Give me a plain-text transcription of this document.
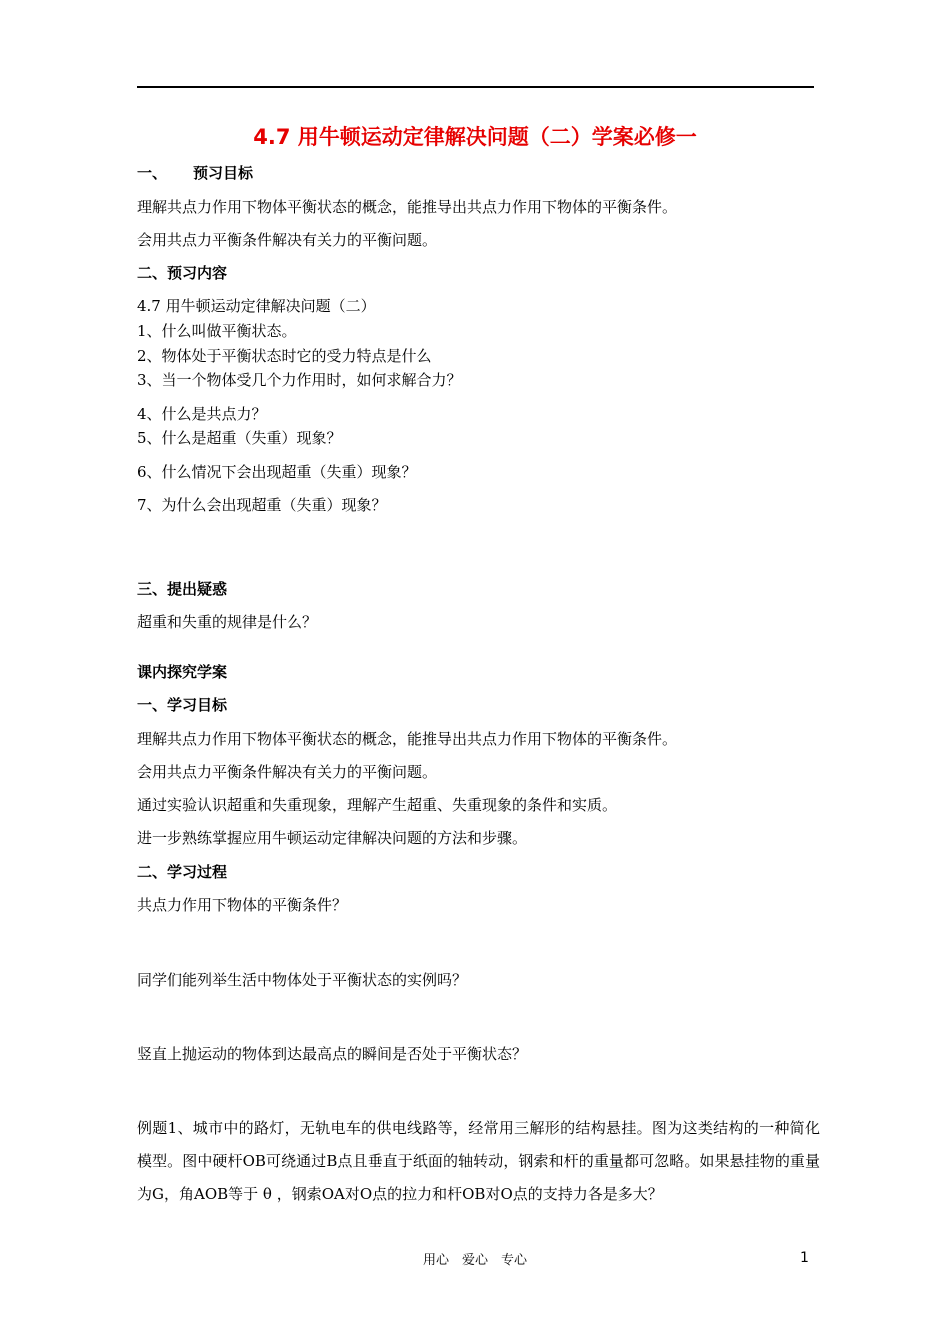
4.7 用牛顿运动定律解决问题（二）学案必修一
一、 预习目标
理解共点力作用下物体平衡状态的概念，能推导出共点力作用下物体的平衡条件。
会用共点力平衡条件解决有关力的平衡问题。
二、预习内容
4.7 用牛顿运动定律解决问题（二）
1、什么叫做平衡状态。
2、物体处于平衡状态时它的受力特点是什么
3、当一个物体受几个力作用时，如何求解合力？
4、什么是共点力？
5、什么是超重（失重）现象？
6、什么情况下会出现超重（失重）现象？
7、为什么会出现超重（失重）现象？
三、提出疑惑
超重和失重的规律是什么？
课内探究学案
一、学习目标
理解共点力作用下物体平衡状态的概念，能推导出共点力作用下物体的平衡条件。
会用共点力平衡条件解决有关力的平衡问题。
通过实验认识超重和失重现象，理解产生超重、失重现象的条件和实质。
进一步熟练掌握应用牛顿运动定律解决问题的方法和步骤。
二、学习过程
共点力作用下物体的平衡条件？
同学们能列举生活中物体处于平衡状态的实例吗？
竖直上抛运动的物体到达最高点的瞬间是否处于平衡状态？
例题1、城市中的路灯，无轨电车的供电线路等，经常用三解形的结构悬挂。图为这类结构的一种简化模型。图中硬杆OB可绕通过B点且垂直于纸面的轴转动，钢索和杆的重量都可忽略。如果悬挂物的重量为G，角AOB等于 θ ，钢索OA对O点的拉力和杆OB对O点的支持力各是多大？
用心　爱心　专心	1
